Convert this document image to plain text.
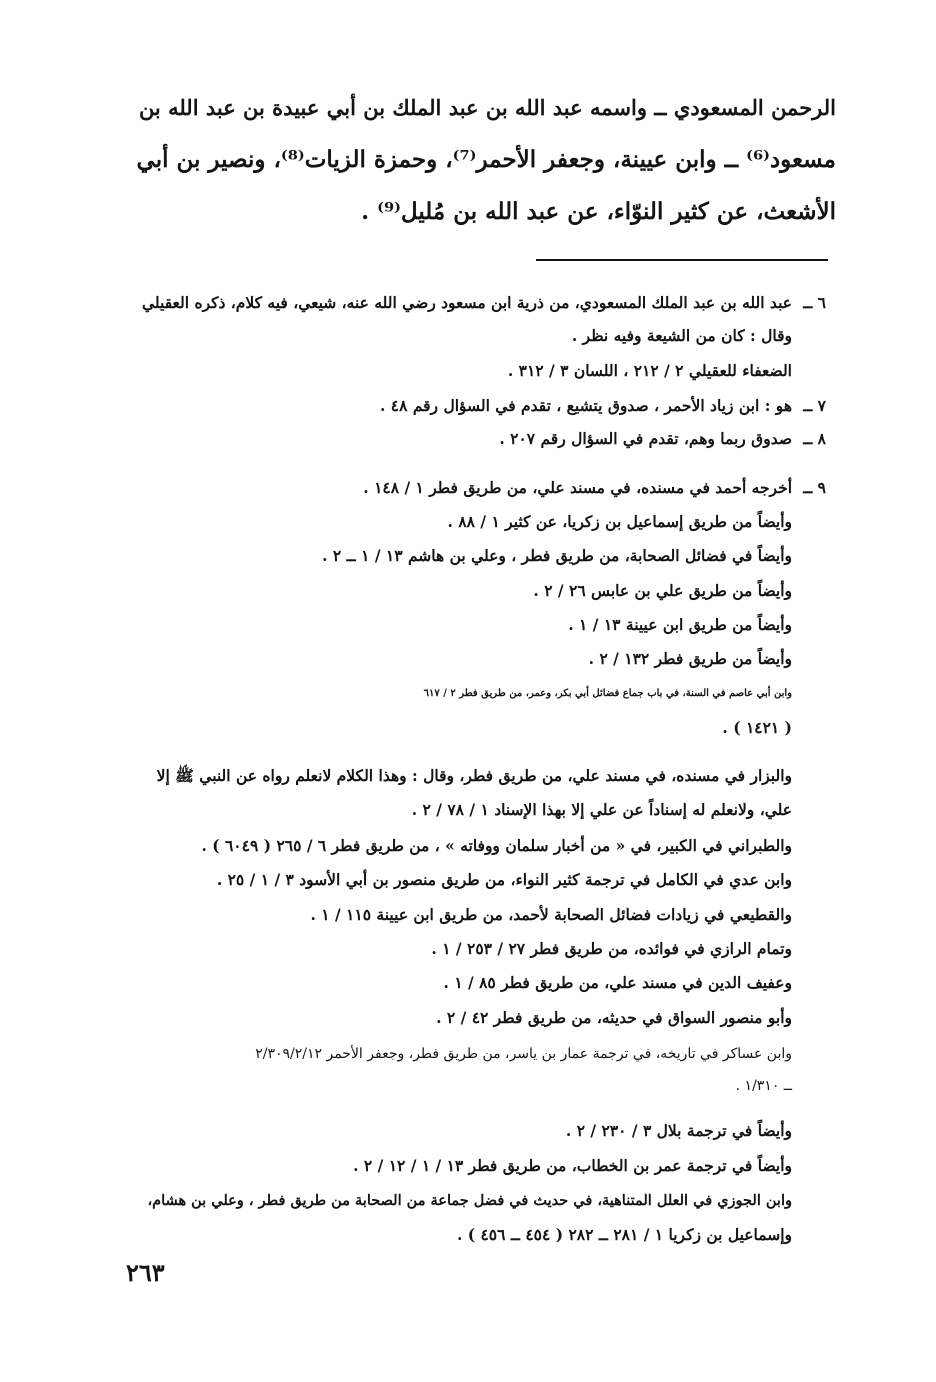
الرحمن المسعودي ــ واسمه عبد الله بن عبد الملك بن أبي عبيدة بن عبد الله بن
مسعود⁽⁶⁾ ــ وابن عيينة، وجعفر الأحمر⁽⁷⁾، وحمزة الزيات⁽⁸⁾، ونصير بن أبي
الأشعث، عن كثير النوّاء، عن عبد الله بن مُليل⁽⁹⁾ .
٦ ــعبد الله بن عبد الملك المسعودي، من ذرية ابن مسعود رضي الله عنه، شيعي، فيه كلام، ذكره العقيلي
وقال : كان من الشيعة وفيه نظر .
الضعفاء للعقيلي ٢ / ٢١٢ ، اللسان ٣ / ٣١٢ .
٧ ــهو : ابن زياد الأحمر ، صدوق يتشيع ، تقدم في السؤال رقم ٤٨ .
٨ ــصدوق ربما وهم، تقدم في السؤال رقم ٢٠٧ .
٩ ــأخرجه أحمد في مسنده، في مسند علي، من طريق فطر ١ / ١٤٨ .
وأيضاً من طريق إسماعيل بن زكريا، عن كثير ١ / ٨٨ .
وأيضاً في فضائل الصحابة، من طريق فطر ، وعلي بن هاشم ١٣ / ١ ــ ٢ .
وأيضاً من طريق علي بن عابس ٢٦ / ٢ .
وأيضاً من طريق ابن عيينة ١٣ / ١ .
وأيضاً من طريق فطر ١٣٢ / ٢ .
وابن أبي عاصم في السنة، في باب جماع فضائل أبي بكر، وعمر، من طريق فطر ٢ / ٦١٧
( ١٤٢١ ) .
والبزار في مسنده، في مسند علي، من طريق فطر، وقال : وهذا الكلام لانعلم رواه عن النبي ﷺ إلا
علي، ولانعلم له إسناداً عن علي إلا بهذا الإسناد ١ / ٧٨ / ٢ .
والطبراني في الكبير، في « من أخبار سلمان ووفاته » ، من طريق فطر ٦ / ٢٦٥ ( ٦٠٤٩ ) .
وابن عدي في الكامل في ترجمة كثير النواء، من طريق منصور بن أبي الأسود ٣ / ١ / ٢٥ .
والقطيعي في زيادات فضائل الصحابة لأحمد، من طريق ابن عيينة ١١٥ / ١ .
وتمام الرازي في فوائده، من طريق فطر ٢٧ / ٢٥٣ / ١ .
وعفيف الدين في مسند علي، من طريق فطر ٨٥ / ١ .
وأبو منصور السواق في حديثه، من طريق فطر ٤٢ / ٢ .
وابن عساكر في تاريخه، في ترجمة عمار بن ياسر، من طريق فطر، وجعفر الأحمر ٢/٣٠٩/٢/١٢
ــ ١/٣١٠ .
وأيضاً في ترجمة بلال ٣ / ٢٣٠ / ٢ .
وأيضاً في ترجمة عمر بن الخطاب، من طريق فطر ١٣ / ١ / ١٢ / ٢ .
وابن الجوزي في العلل المتناهية، في حديث في فضل جماعة من الصحابة من طريق فطر ، وعلي بن هشام،
وإسماعيل بن زكريا ١ / ٢٨١ ــ ٢٨٢ ( ٤٥٤ ــ ٤٥٦ ) .
٢٦٣
